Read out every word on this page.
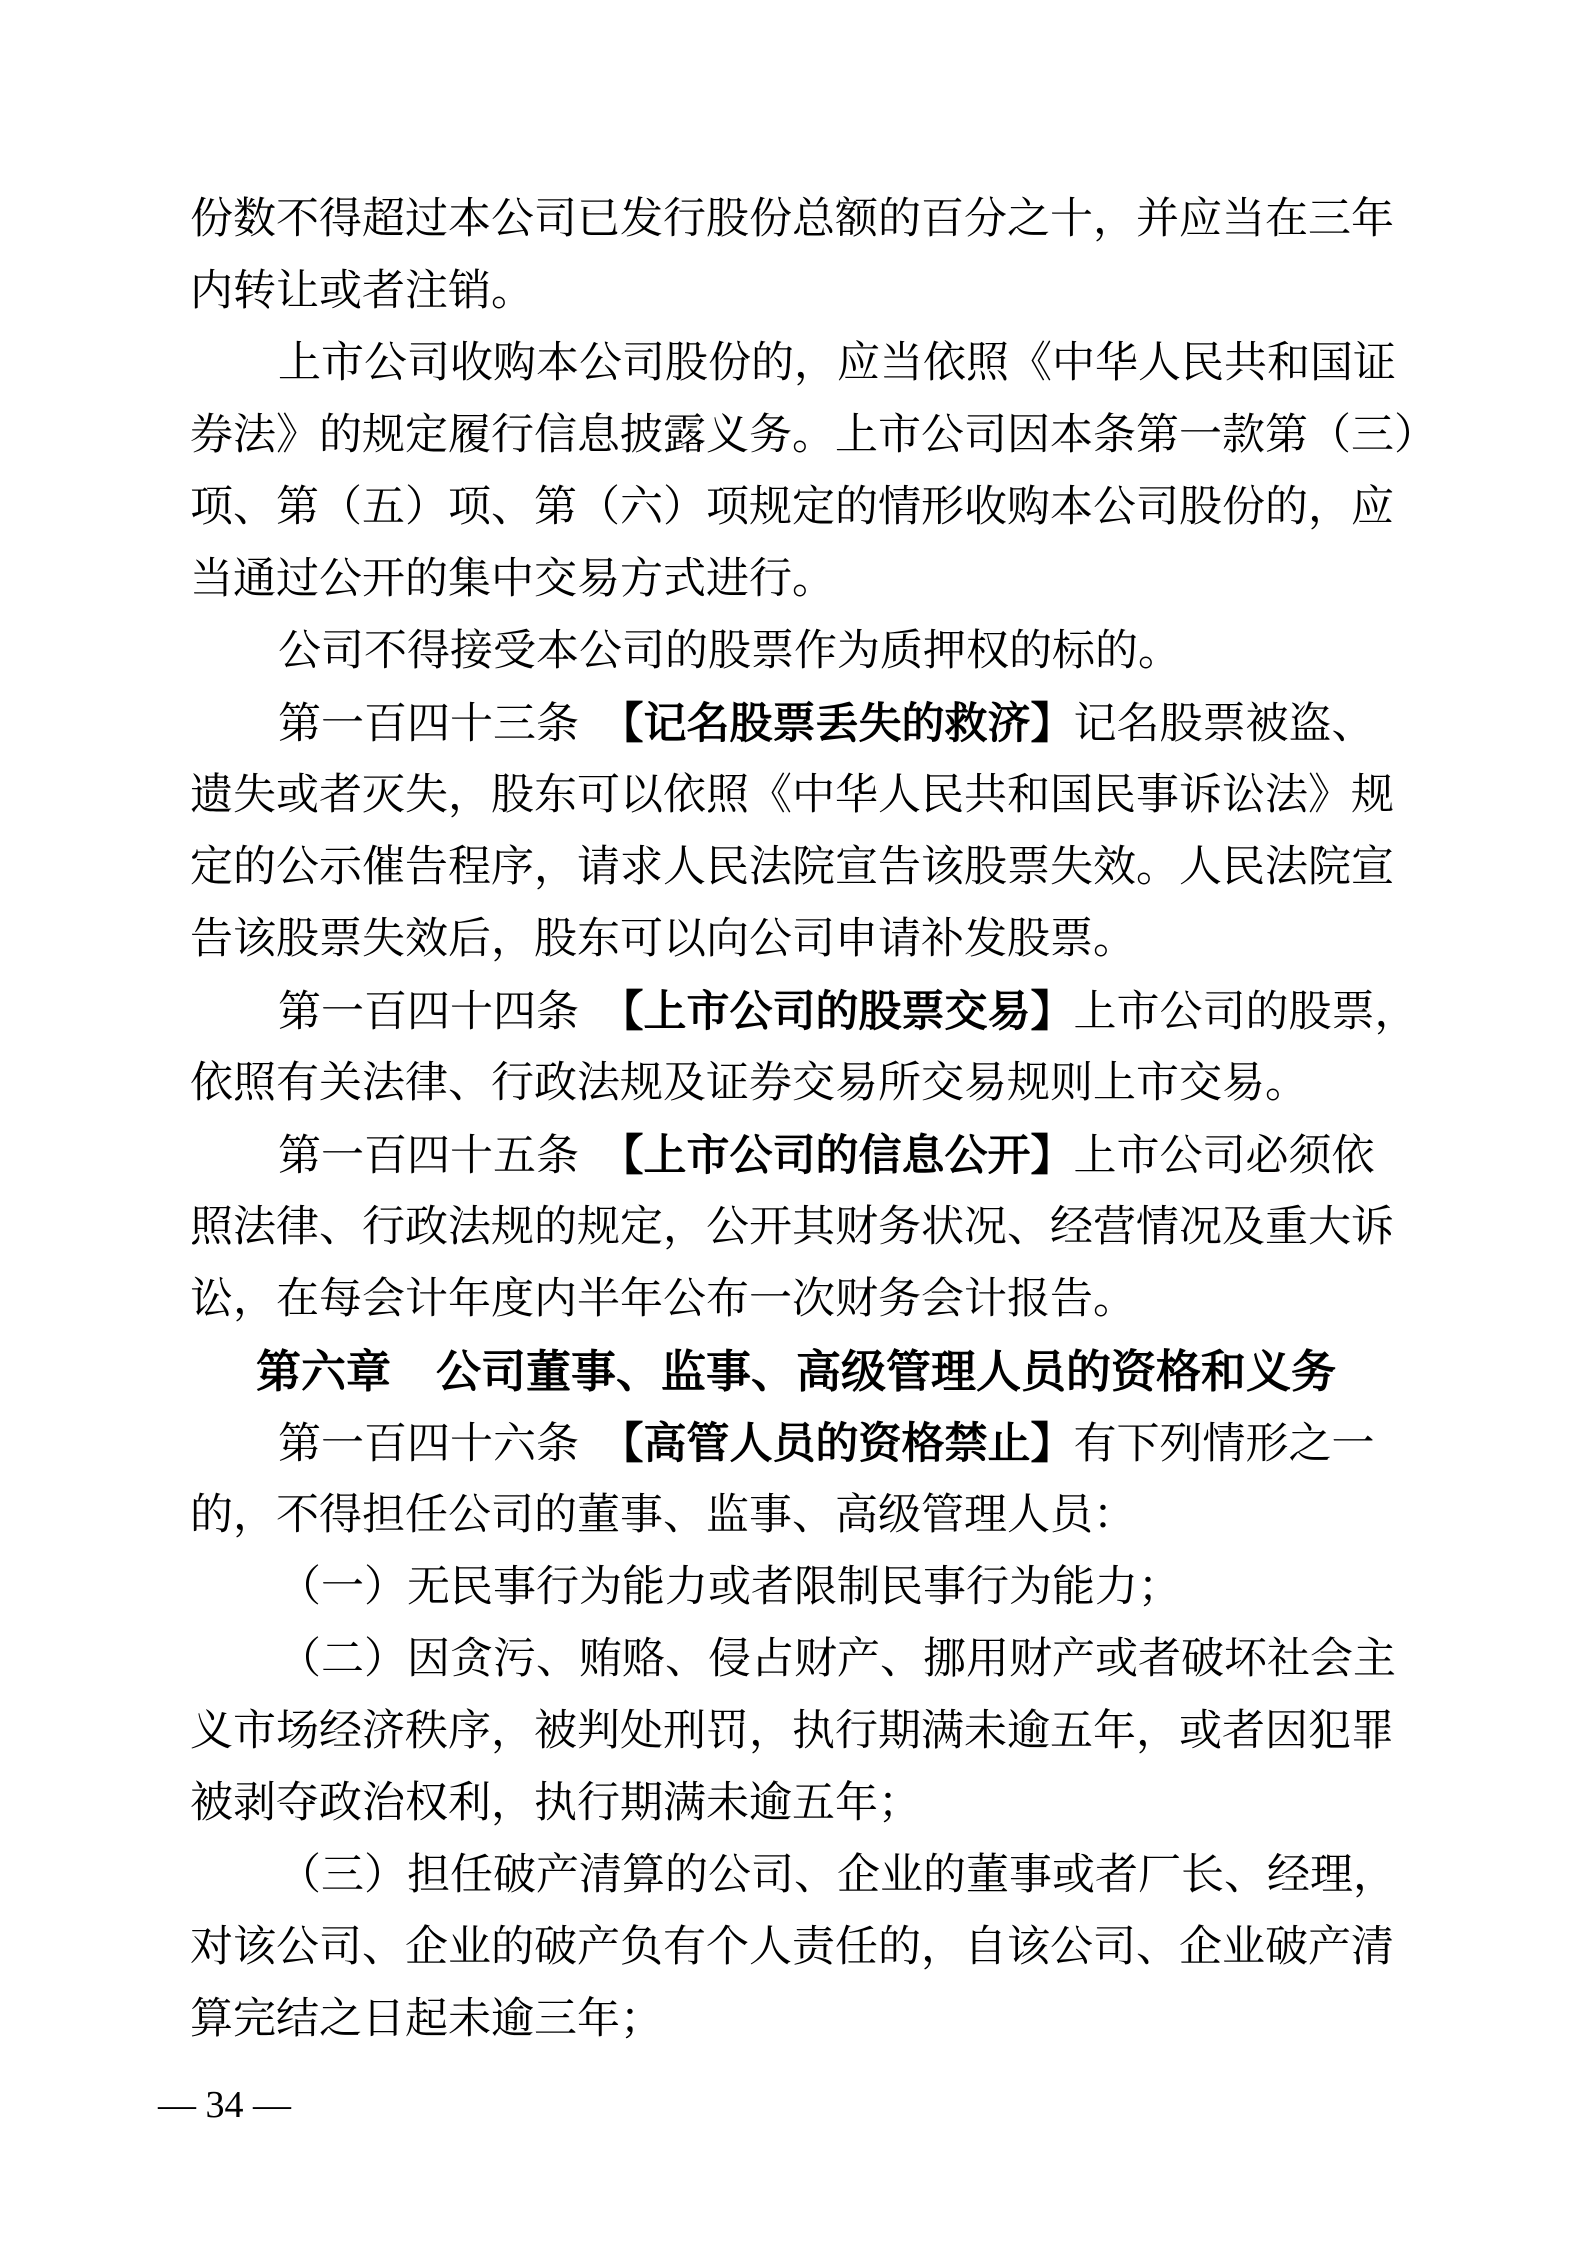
份数不得超过本公司已发行股份总额的百分之十，并应当在三年

内转让或者注销。

上市公司收购本公司股份的，应当依照《中华人民共和国证

券法》的规定履行信息披露义务。上市公司因本条第一款第（三）

项、第（五）项、第（六）项规定的情形收购本公司股份的，应

当通过公开的集中交易方式进行。

公司不得接受本公司的股票作为质押权的标的。

第一百四十三条　【记名股票丢失的救济】记名股票被盗、

遗失或者灭失，股东可以依照《中华人民共和国民事诉讼法》规

定的公示催告程序，请求人民法院宣告该股票失效。人民法院宣

告该股票失效后，股东可以向公司申请补发股票。

第一百四十四条　【上市公司的股票交易】上市公司的股票，

依照有关法律、行政法规及证券交易所交易规则上市交易。

第一百四十五条　【上市公司的信息公开】上市公司必须依

照法律、行政法规的规定，公开其财务状况、经营情况及重大诉

讼，在每会计年度内半年公布一次财务会计报告。

第六章　公司董事、监事、高级管理人员的资格和义务

第一百四十六条　【高管人员的资格禁止】有下列情形之一

的，不得担任公司的董事、监事、高级管理人员：

（一）无民事行为能力或者限制民事行为能力；

（二）因贪污、贿赂、侵占财产、挪用财产或者破坏社会主

义市场经济秩序，被判处刑罚，执行期满未逾五年，或者因犯罪

被剥夺政治权利，执行期满未逾五年；

（三）担任破产清算的公司、企业的董事或者厂长、经理，

对该公司、企业的破产负有个人责任的，自该公司、企业破产清

算完结之日起未逾三年；

— 34 —
